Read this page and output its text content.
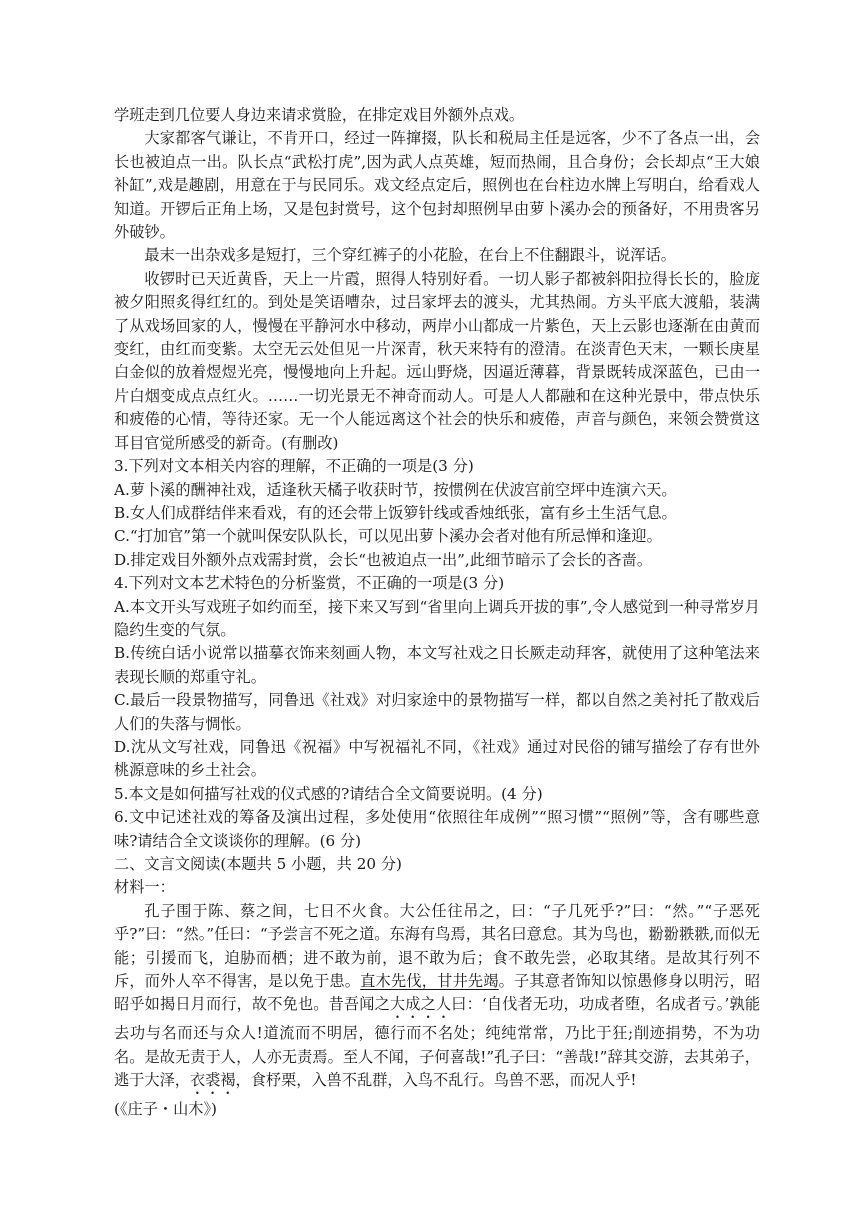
学班走到几位要人身边来请求赏脸，在排定戏目外额外点戏。

大家都客气谦让，不肯开口，经过一阵撺掇，队长和税局主任是远客，少不了各点一出，会长也被迫点一出。队长点“武松打虎”,因为武人点英雄，短而热闹，且合身份；会长却点“王大娘补缸”,戏是趣剧，用意在于与民同乐。戏文经点定后，照例也在台柱边水牌上写明白，给看戏人知道。开锣后正角上场，又是包封赏号，这个包封却照例早由萝卜溪办会的预备好，不用贵客另外破钞。

最末一出杂戏多是短打，三个穿红裤子的小花脸，在台上不住翻跟斗，说浑话。

收锣时已天近黄昏，天上一片霞，照得人特别好看。一切人影子都被斜阳拉得长长的，脸庞被夕阳照炙得红红的。到处是笑语嘈杂，过吕家坪去的渡头，尤其热闹。方头平底大渡船，装满了从戏场回家的人，慢慢在平静河水中移动，两岸小山都成一片紫色，天上云影也逐渐在由黄而变红，由红而变紫。太空无云处但见一片深青，秋天来特有的澄清。在淡青色天末，一颗长庚星白金似的放着煜煜光亮，慢慢地向上升起。远山野烧，因逼近薄暮，背景既转成深蓝色，已由一片白烟变成点点红火。……一切光景无不神奇而动人。可是人人都融和在这种光景中，带点快乐和疲倦的心情，等待还家。无一个人能远离这个社会的快乐和疲倦，声音与颜色，来领会赞赏这耳目官觉所感受的新奇。(有删改)

3.下列对文本相关内容的理解，不正确的一项是(3 分)

A.萝卜溪的酬神社戏，适逢秋天橘子收获时节，按惯例在伏波宫前空坪中连演六天。

B.女人们成群结伴来看戏，有的还会带上饭箩针线或香烛纸张，富有乡土生活气息。

C.“打加官”第一个就叫保安队队长，可以见出萝卜溪办会者对他有所忌惮和逢迎。

D.排定戏目外额外点戏需封赏，会长“也被迫点一出”,此细节暗示了会长的吝啬。

4.下列对文本艺术特色的分析鉴赏，不正确的一项是(3 分)

A.本文开头写戏班子如约而至，接下来又写到“省里向上调兵开拔的事”,令人感觉到一种寻常岁月隐约生变的气氛。

B.传统白话小说常以描摹衣饰来刻画人物，本文写社戏之日长厥走动拜客，就使用了这种笔法来表现长顺的郑重守礼。

C.最后一段景物描写，同鲁迅《社戏》对归家途中的景物描写一样，都以自然之美衬托了散戏后人们的失落与惆怅。

D.沈从文写社戏，同鲁迅《祝福》中写祝福礼不同，《社戏》通过对民俗的铺写描绘了存有世外桃源意味的乡土社会。

5.本文是如何描写社戏的仪式感的?请结合全文简要说明。(4 分)

6.文中记述社戏的筹备及演出过程，多处使用“依照往年成例”“照习惯”“照例”等，含有哪些意味?请结合全文谈谈你的理解。(6 分)

二、文言文阅读(本题共 5 小题，共 20 分)

材料一：

孔子围于陈、蔡之间，七日不火食。大公任往吊之，曰：“子几死乎?”曰：“然。”“子恶死乎?”曰：“然。”任曰：“予尝言不死之道。东海有鸟焉，其名曰意怠。其为鸟也，翂翂翐翐,而似无能；引援而飞，迫胁而栖；进不敢为前，退不敢为后；食不敢先尝，必取其绪。是故其行列不斥，而外人卒不得害，是以免于患。直木先伐，甘井先竭。子其意者饰知以惊愚修身以明污，昭昭乎如揭日月而行，故不免也。昔吾闻之大成之人曰：‘自伐者无功，功成者堕，名成者亏。’孰能去功与名而还与众人!道流而不明居，德行而不名处；纯纯常常，乃比于狂;削迹捐势，不为功名。是故无责于人，人亦无责焉。至人不闻，子何喜哉!”孔子曰：“善哉!”辞其交游，去其弟子，逃于大泽，衣裘褐，食杼栗，入兽不乱群，入鸟不乱行。鸟兽不恶，而况人乎!

(《庄子・山木》)
